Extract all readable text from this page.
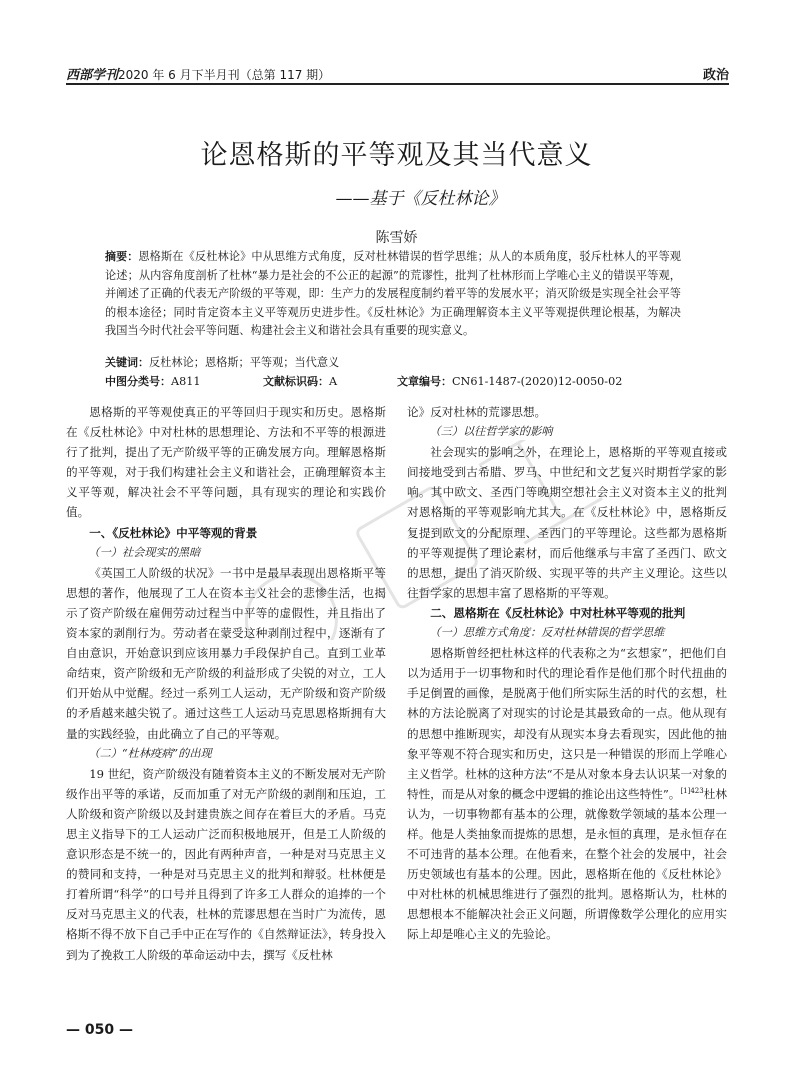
西部学刊2020 年 6 月下半月刊（总第 117 期）	政治
论恩格斯的平等观及其当代意义
——基于《反杜林论》
陈雪娇
摘要：恩格斯在《反杜林论》中从思维方式角度，反对杜林错误的哲学思维；从人的本质角度，驳斥杜林人的平等观论述；从内容角度剖析了杜林“暴力是社会的不公正的起源”的荒谬性，批判了杜林形而上学唯心主义的错误平等观，并阐述了正确的代表无产阶级的平等观，即：生产力的发展程度制约着平等的发展水平；消灭阶级是实现全社会平等的根本途径；同时肯定资本主义平等观历史进步性。《反杜林论》为正确理解资本主义平等观提供理论根基，为解决我国当今时代社会平等问题、构建社会主义和谐社会具有重要的现实意义。
关键词：反杜林论；恩格斯；平等观；当代意义
中图分类号：A811	文献标识码：A	文章编号：CN61-1487-(2020)12-0050-02

恩格斯的平等观使真正的平等回归于现实和历史。恩格斯在《反杜林论》中对杜林的思想理论、方法和不平等的根源进行了批判，提出了无产阶级平等的正确发展方向。理解恩格斯的平等观，对于我们构建社会主义和谐社会，正确理解资本主义平等观，解决社会不平等问题，具有现实的理论和实践价值。

一、《反杜林论》中平等观的背景
（一）社会现实的黑暗

《英国工人阶级的状况》一书中是最早表现出恩格斯平等思想的著作，他展现了工人在资本主义社会的悲惨生活，也揭示了资产阶级在雇佣劳动过程当中平等的虚假性，并且指出了资本家的剥削行为。劳动者在蒙受这种剥削过程中，逐渐有了自由意识，开始意识到应该用暴力手段保护自己。直到工业革命结束，资产阶级和无产阶级的利益形成了尖锐的对立，工人们开始从中觉醒。经过一系列工人运动，无产阶级和资产阶级的矛盾越来越尖锐了。通过这些工人运动马克思恩格斯拥有大量的实践经验，由此确立了自己的平等观。

（二）“杜林疫病”的出现

19 世纪，资产阶级没有随着资本主义的不断发展对无产阶级作出平等的承诺，反而加重了对无产阶级的剥削和压迫，工人阶级和资产阶级以及封建贵族之间存在着巨大的矛盾。马克思主义指导下的工人运动广泛而积极地展开，但是工人阶级的意识形态是不统一的，因此有两种声音，一种是对马克思主义的赞同和支持，一种是对马克思主义的批判和辩驳。杜林便是打着所谓“科学”的口号并且得到了许多工人群众的追捧的一个反对马克思主义的代表，杜林的荒谬思想在当时广为流传，恩格斯不得不放下自己手中正在写作的《自然辩证法》，转身投入到为了挽救工人阶级的革命运动中去，撰写《反杜林

论》反对杜林的荒谬思想。

（三）以往哲学家的影响

社会现实的影响之外，在理论上，恩格斯的平等观直接或间接地受到古希腊、罗马、中世纪和文艺复兴时期哲学家的影响。其中欧文、圣西门等晚期空想社会主义对资本主义的批判对恩格斯的平等观影响尤其大。在《反杜林论》中，恩格斯反复提到欧文的分配原理、圣西门的平等理论。这些都为恩格斯的平等观提供了理论素材，而后他继承与丰富了圣西门、欧文的思想，提出了消灭阶级、实现平等的共产主义理论。这些以往哲学家的思想丰富了恩格斯的平等观。

二、恩格斯在《反杜林论》中对杜林平等观的批判
（一）思维方式角度：反对杜林错误的哲学思维

恩格斯曾经把杜林这样的代表称之为“玄想家”，把他们自以为适用于一切事物和时代的理论看作是他们那个时代扭曲的手足倒置的画像，是脱离于他们所实际生活的时代的玄想，杜林的方法论脱离了对现实的讨论是其最致命的一点。他从现有的思想中推断现实，却没有从现实本身去看现实，因此他的抽象平等观不符合现实和历史，这只是一种错误的形而上学唯心主义哲学。杜林的这种方法“不是从对象本身去认识某一对象的特性，而是从对象的概念中逻辑的推论出这些特性”。$^{[1]423}$杜林认为，一切事物都有基本的公理，就像数学领域的基本公理一样。他是人类抽象而提炼的思想，是永恒的真理，是永恒存在不可违背的基本公理。在他看来，在整个社会的发展中，社会历史领域也有基本的公理。因此，恩格斯在他的《反杜林论》中对杜林的机械思维进行了强烈的批判。恩格斯认为，杜林的思想根本不能解决社会正义问题，所谓像数学公理化的应用实际上却是唯心主义的先验论。

— 050 —
